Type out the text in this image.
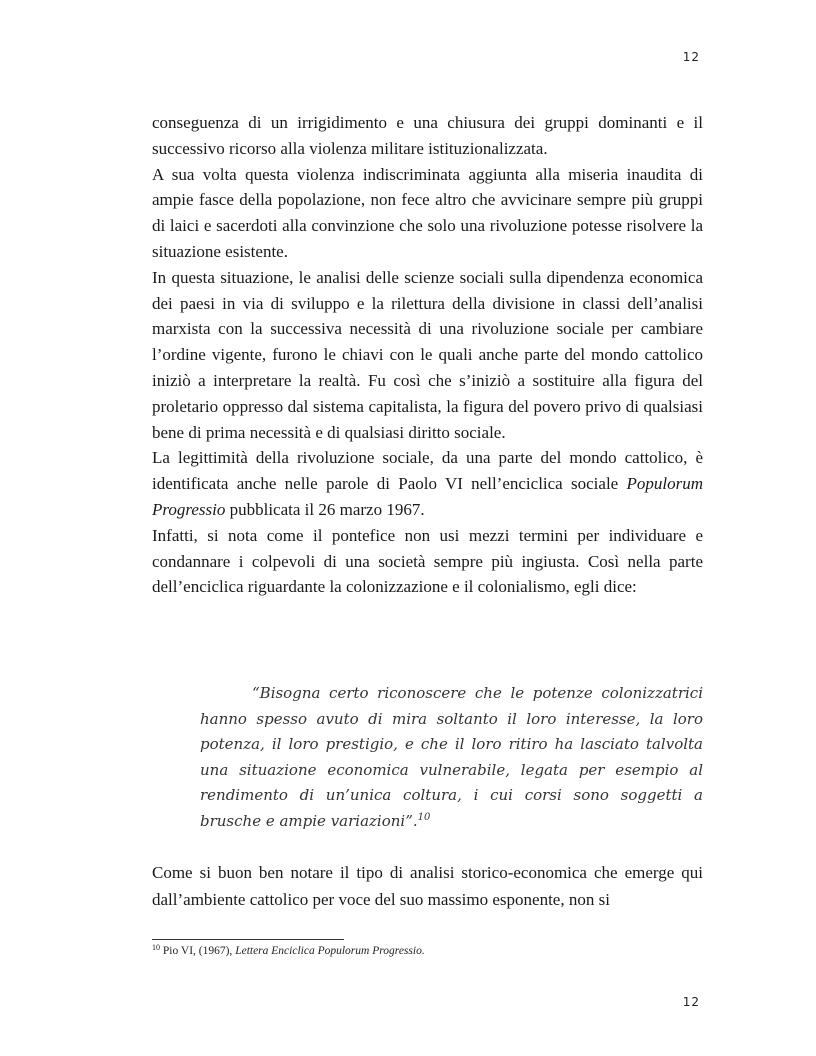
12

conseguenza di un irrigidimento e una chiusura dei gruppi dominanti e il successivo ricorso alla violenza militare istituzionalizzata.

A sua volta questa violenza indiscriminata aggiunta alla miseria inaudita di ampie fasce della popolazione, non fece altro che avvicinare sempre più gruppi di laici e sacerdoti alla convinzione che solo una rivoluzione potesse risolvere la situazione esistente.

In questa situazione, le analisi delle scienze sociali sulla dipendenza economica dei paesi in via di sviluppo e la rilettura della divisione in classi dell’analisi marxista con la successiva necessità di una rivoluzione sociale per cambiare l’ordine vigente, furono le chiavi con le quali anche parte del mondo cattolico iniziò a interpretare la realtà. Fu così che s’iniziò a sostituire alla figura del proletario oppresso dal sistema capitalista, la figura del povero privo di qualsiasi bene di prima necessità e di qualsiasi diritto sociale.

La legittimità della rivoluzione sociale, da una parte del mondo cattolico, è identificata anche nelle parole di Paolo VI nell’enciclica sociale Populorum Progressio pubblicata il 26 marzo 1967.

Infatti, si nota come il pontefice non usi mezzi termini per individuare e condannare i colpevoli di una società sempre più ingiusta. Così nella parte dell’enciclica riguardante la colonizzazione e il colonialismo, egli dice:

“Bisogna certo riconoscere che le potenze colonizzatrici hanno spesso avuto di mira soltanto il loro interesse, la loro potenza, il loro prestigio, e che il loro ritiro ha lasciato talvolta una situazione economica vulnerabile, legata per esempio al rendimento di un’unica coltura, i cui corsi sono soggetti a brusche e ampie variazioni”.$^{10}$

Come si buon ben notare il tipo di analisi storico-economica che emerge qui dall’ambiente cattolico per voce del suo massimo esponente, non si

$^{10}$ Pio VI, (1967), Lettera Enciclica Populorum Progressio.
12
